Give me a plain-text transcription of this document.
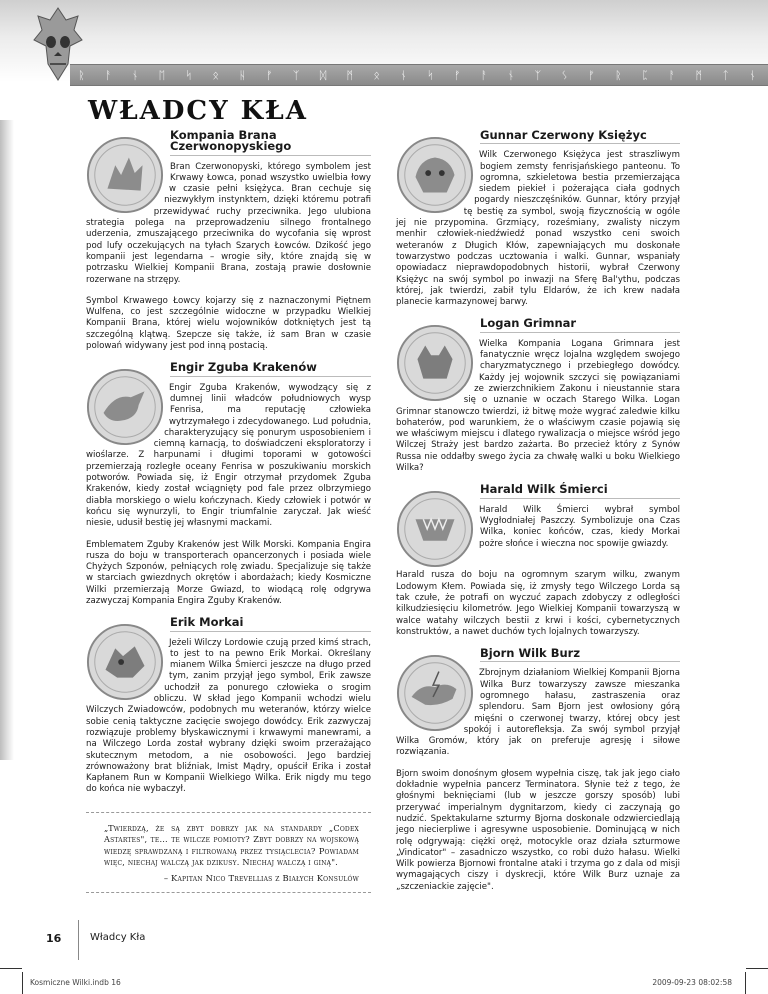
ᚱ ᚨ ᚾ ᛖ ᛋ ᛟ ᚺ ᚠ ᛉ ᛞ ᛗ ᛟ ᚾ ᛋ ᚠ ᚨ ᚾ ᛉ ᛊ ᚠ ᚱ ᛈ ᚨ ᛗ ᛏ ᚾ
WŁADCY KŁA
Kompania Brana Czerwonopyskiego

Bran Czerwonopyski, którego symbolem jest Krwawy Łowca, ponad wszystko uwielbia łowy w czasie pełni księżyca. Bran cechuje się niezwykłym instynktem, dzięki któremu potrafi przewidywać ruchy przeciwnika. Jego ulubiona strategia polega na przeprowadzeniu silnego frontalnego uderzenia, zmuszającego przeciwnika do wycofania się wprost pod lufy oczekujących na tyłach Szarych Łowców. Dzikość jego kompanii jest legendarna – wrogie siły, które znajdą się w potrzasku Wielkiej Kompanii Brana, zostają prawie dosłownie rozerwane na strzępy.

Symbol Krwawego Łowcy kojarzy się z naznaczonymi Piętnem Wulfena, co jest szczególnie widoczne w przypadku Wielkiej Kompanii Brana, której wielu wojowników dotkniętych jest tą szczególną klątwą. Szepcze się także, iż sam Bran w czasie polowań widywany jest pod inną postacią.

Engir Zguba Krakenów

Engir Zguba Krakenów, wywodzący się z dumnej linii władców południowych wysp Fenrisa, ma reputację człowieka wytrzymałego i zdecydowanego. Lud południa, charakteryzujący się ponurym usposobieniem i ciemną karnacją, to doświadczeni eksploratorzy i wioślarze. Z harpunami i długimi toporami w gotowości przemierzają rozległe oceany Fenrisa w poszukiwaniu morskich potworów. Powiada się, iż Engir otrzymał przydomek Zguba Krakenów, kiedy został wciągnięty pod fale przez olbrzymiego diabła morskiego o wielu kończynach. Kiedy człowiek i potwór w końcu się wynurzyli, to Engir triumfalnie zaryczał. Jak wieść niesie, udusił bestię jej własnymi mackami.

Emblematem Zguby Krakenów jest Wilk Morski. Kompania Engira rusza do boju w transporterach opancerzonych i posiada wiele Chyżych Szponów, pełniących rolę zwiadu. Specjalizuje się także w starciach gwiezdnych okrętów i abordażach; kiedy Kosmiczne Wilki przemierzają Morze Gwiazd, to wiodącą rolę odgrywa zazwyczaj Kompania Engira Zguby Krakenów.

Erik Morkai

Jeżeli Wilczy Lordowie czują przed kimś strach, to jest to na pewno Erik Morkai. Określany mianem Wilka Śmierci jeszcze na długo przed tym, zanim przyjął jego symbol, Erik zawsze uchodził za ponurego człowieka o srogim obliczu. W skład jego Kompanii wchodzi wielu Wilczych Zwiadowców, podobnych mu weteranów, którzy wielce sobie cenią taktyczne zacięcie swojego dowódcy. Erik zazwyczaj rozwiązuje problemy błyskawicznymi i krwawymi manewrami, a na Wilczego Lorda został wybrany dzięki swoim przerażająco skutecznym metodom, a nie osobowości. Jego bardziej zrównoważony brat bliźniak, Imist Mądry, opuścił Erika i został Kapłanem Run w Kompanii Wielkiego Wilka. Erik nigdy mu tego do końca nie wybaczył.

„Twierdzą, że są zbyt dobrzy jak na standardy „Codex Astartes", te... te wilcze pomioty? Zbyt dobrzy na wojskową wiedzę sprawdzaną i filtrowaną przez tysiąclecia? Powiadam więc, niechaj walczą jak dzikusy. Niechaj walczą i giną".
– Kapitan Nico Trevellias z Białych Konsulów
Gunnar Czerwony Księżyc

Wilk Czerwonego Księżyca jest straszliwym bogiem zemsty fenrisjańskiego panteonu. To ogromna, szkieletowa bestia przemierzająca siedem piekieł i pożerająca ciała godnych pogardy nieszczęśników. Gunnar, który przyjął tę bestię za symbol, swoją fizycznością w ogóle jej nie przypomina. Grzmiący, roześmiany, zwalisty niczym menhir człowiek-niedźwiedź ponad wszystko ceni swoich weteranów z Długich Kłów, zapewniających mu doskonałe towarzystwo podczas ucztowania i walki. Gunnar, wspaniały opowiadacz nieprawdopodobnych historii, wybrał Czerwony Księżyc na swój symbol po inwazji na Sferę Bal'ythu, podczas której, jak twierdzi, zabił tylu Eldarów, że ich krew nadała planecie karmazynowej barwy.

Logan Grimnar

Wielka Kompania Logana Grimnara jest fanatycznie wręcz lojalna względem swojego charyzmatycznego i przebiegłego dowódcy. Każdy jej wojownik szczyci się powiązaniami ze zwierzchnikiem Zakonu i nieustannie stara się o uznanie w oczach Starego Wilka. Logan Grimnar stanowczo twierdzi, iż bitwę może wygrać zaledwie kilku bohaterów, pod warunkiem, że o właściwym czasie pojawią się we właściwym miejscu i dlatego rywalizacja o miejsce wśród jego Wilczej Straży jest bardzo zażarta. Bo przecież który z Synów Russa nie oddałby swego życia za chwałę walki u boku Wielkiego Wilka?

Harald Wilk Śmierci

Harald Wilk Śmierci wybrał symbol Wygłodniałej Paszczy. Symbolizuje ona Czas Wilka, koniec końców, czas, kiedy Morkai pożre słońce i wieczna noc spowije gwiazdy.

Harald rusza do boju na ogromnym szarym wilku, zwanym Lodowym Kłem. Powiada się, iż zmysły tego Wilczego Lorda są tak czułe, że potrafi on wyczuć zapach zdobyczy z odległości kilkudziesięciu kilometrów. Jego Wielkiej Kompanii towarzyszą w walce watahy wilczych bestii z krwi i kości, cybernetycznych konstruktów, a nawet duchów tych lojalnych towarzyszy.

Bjorn Wilk Burz

Zbrojnym działaniom Wielkiej Kompanii Bjorna Wilka Burz towarzyszy zawsze mieszanka ogromnego hałasu, zastraszenia oraz splendoru. Sam Bjorn jest owłosiony górą mięśni o czerwonej twarzy, której obcy jest spokój i autorefleksja. Za swój symbol przyjął Wilka Gromów, który jak on preferuje agresję i siłowe rozwiązania.

Bjorn swoim donośnym głosem wypełnia ciszę, tak jak jego ciało dokładnie wypełnia pancerz Terminatora. Słynie też z tego, że głośnymi beknięciami (lub w jeszcze gorszy sposób) lubi przerywać imperialnym dygnitarzom, kiedy ci zaczynają go nudzić. Spektakularne szturmy Bjorna doskonale odzwierciedlają jego niecierpliwe i agresywne usposobienie. Dominującą w nich rolę odgrywają: ciężki oręż, motocykle oraz działa szturmowe „Vindicator" – zasadniczo wszystko, co robi dużo hałasu. Wielki Wilk powierza Bjornowi frontalne ataki i trzyma go z dala od misji wymagających ciszy i dyskrecji, które Wilk Burz uznaje za „szczeniackie zajęcie".

16	Władcy Kła
Kosmiczne Wilki.indb 16	2009-09-23 08:02:58
